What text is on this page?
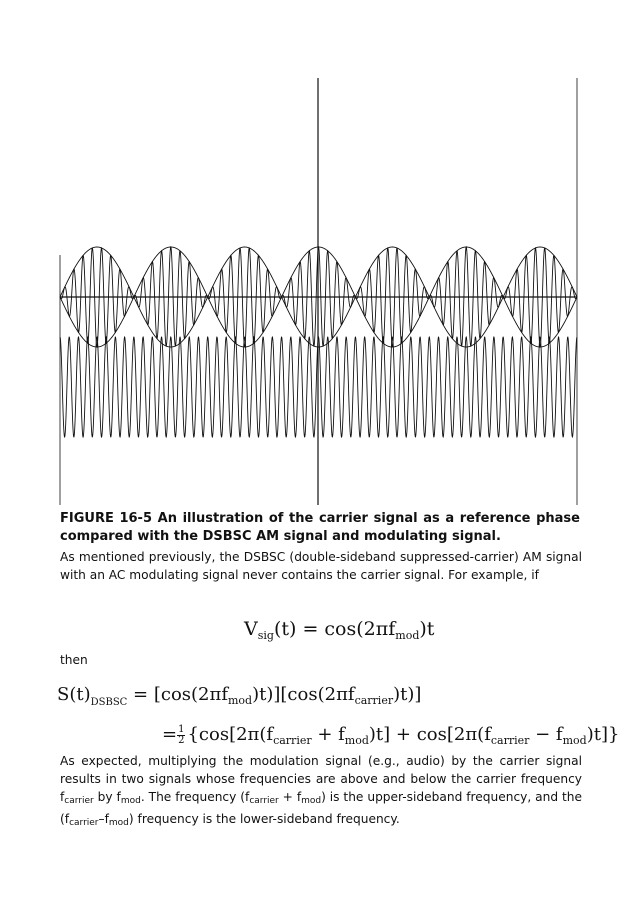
FIGURE 16-5 An illustration of the carrier signal as a reference phase compared with the DSBSC AM signal and modulating signal.

As mentioned previously, the DSBSC (double-sideband suppressed-carrier) AM signal with an AC modulating signal never contains the carrier signal. For example, if

$V_{sig}(t) = \cos(2\pi f_{mod})t$

then

$S(t)_{DSBSC} = [\cos(2\pi f_{mod})t)][\cos(2\pi f_{carrier})t)$]
= $\frac{1}{2} \{\cos[2\pi(f_{carrier} + f_{mod})t] + \cos[2\pi(f_{carrier} - f_{mod})t]\}$

As expected, multiplying the modulation signal (e.g., audio) by the carrier signal results in two signals whose frequencies are above and below the carrier frequency fcarrier by fmod. The frequency (fcarrier + fmod) is the upper-sideband frequency, and the (fcarrier–fmod) frequency is the lower-sideband frequency.
